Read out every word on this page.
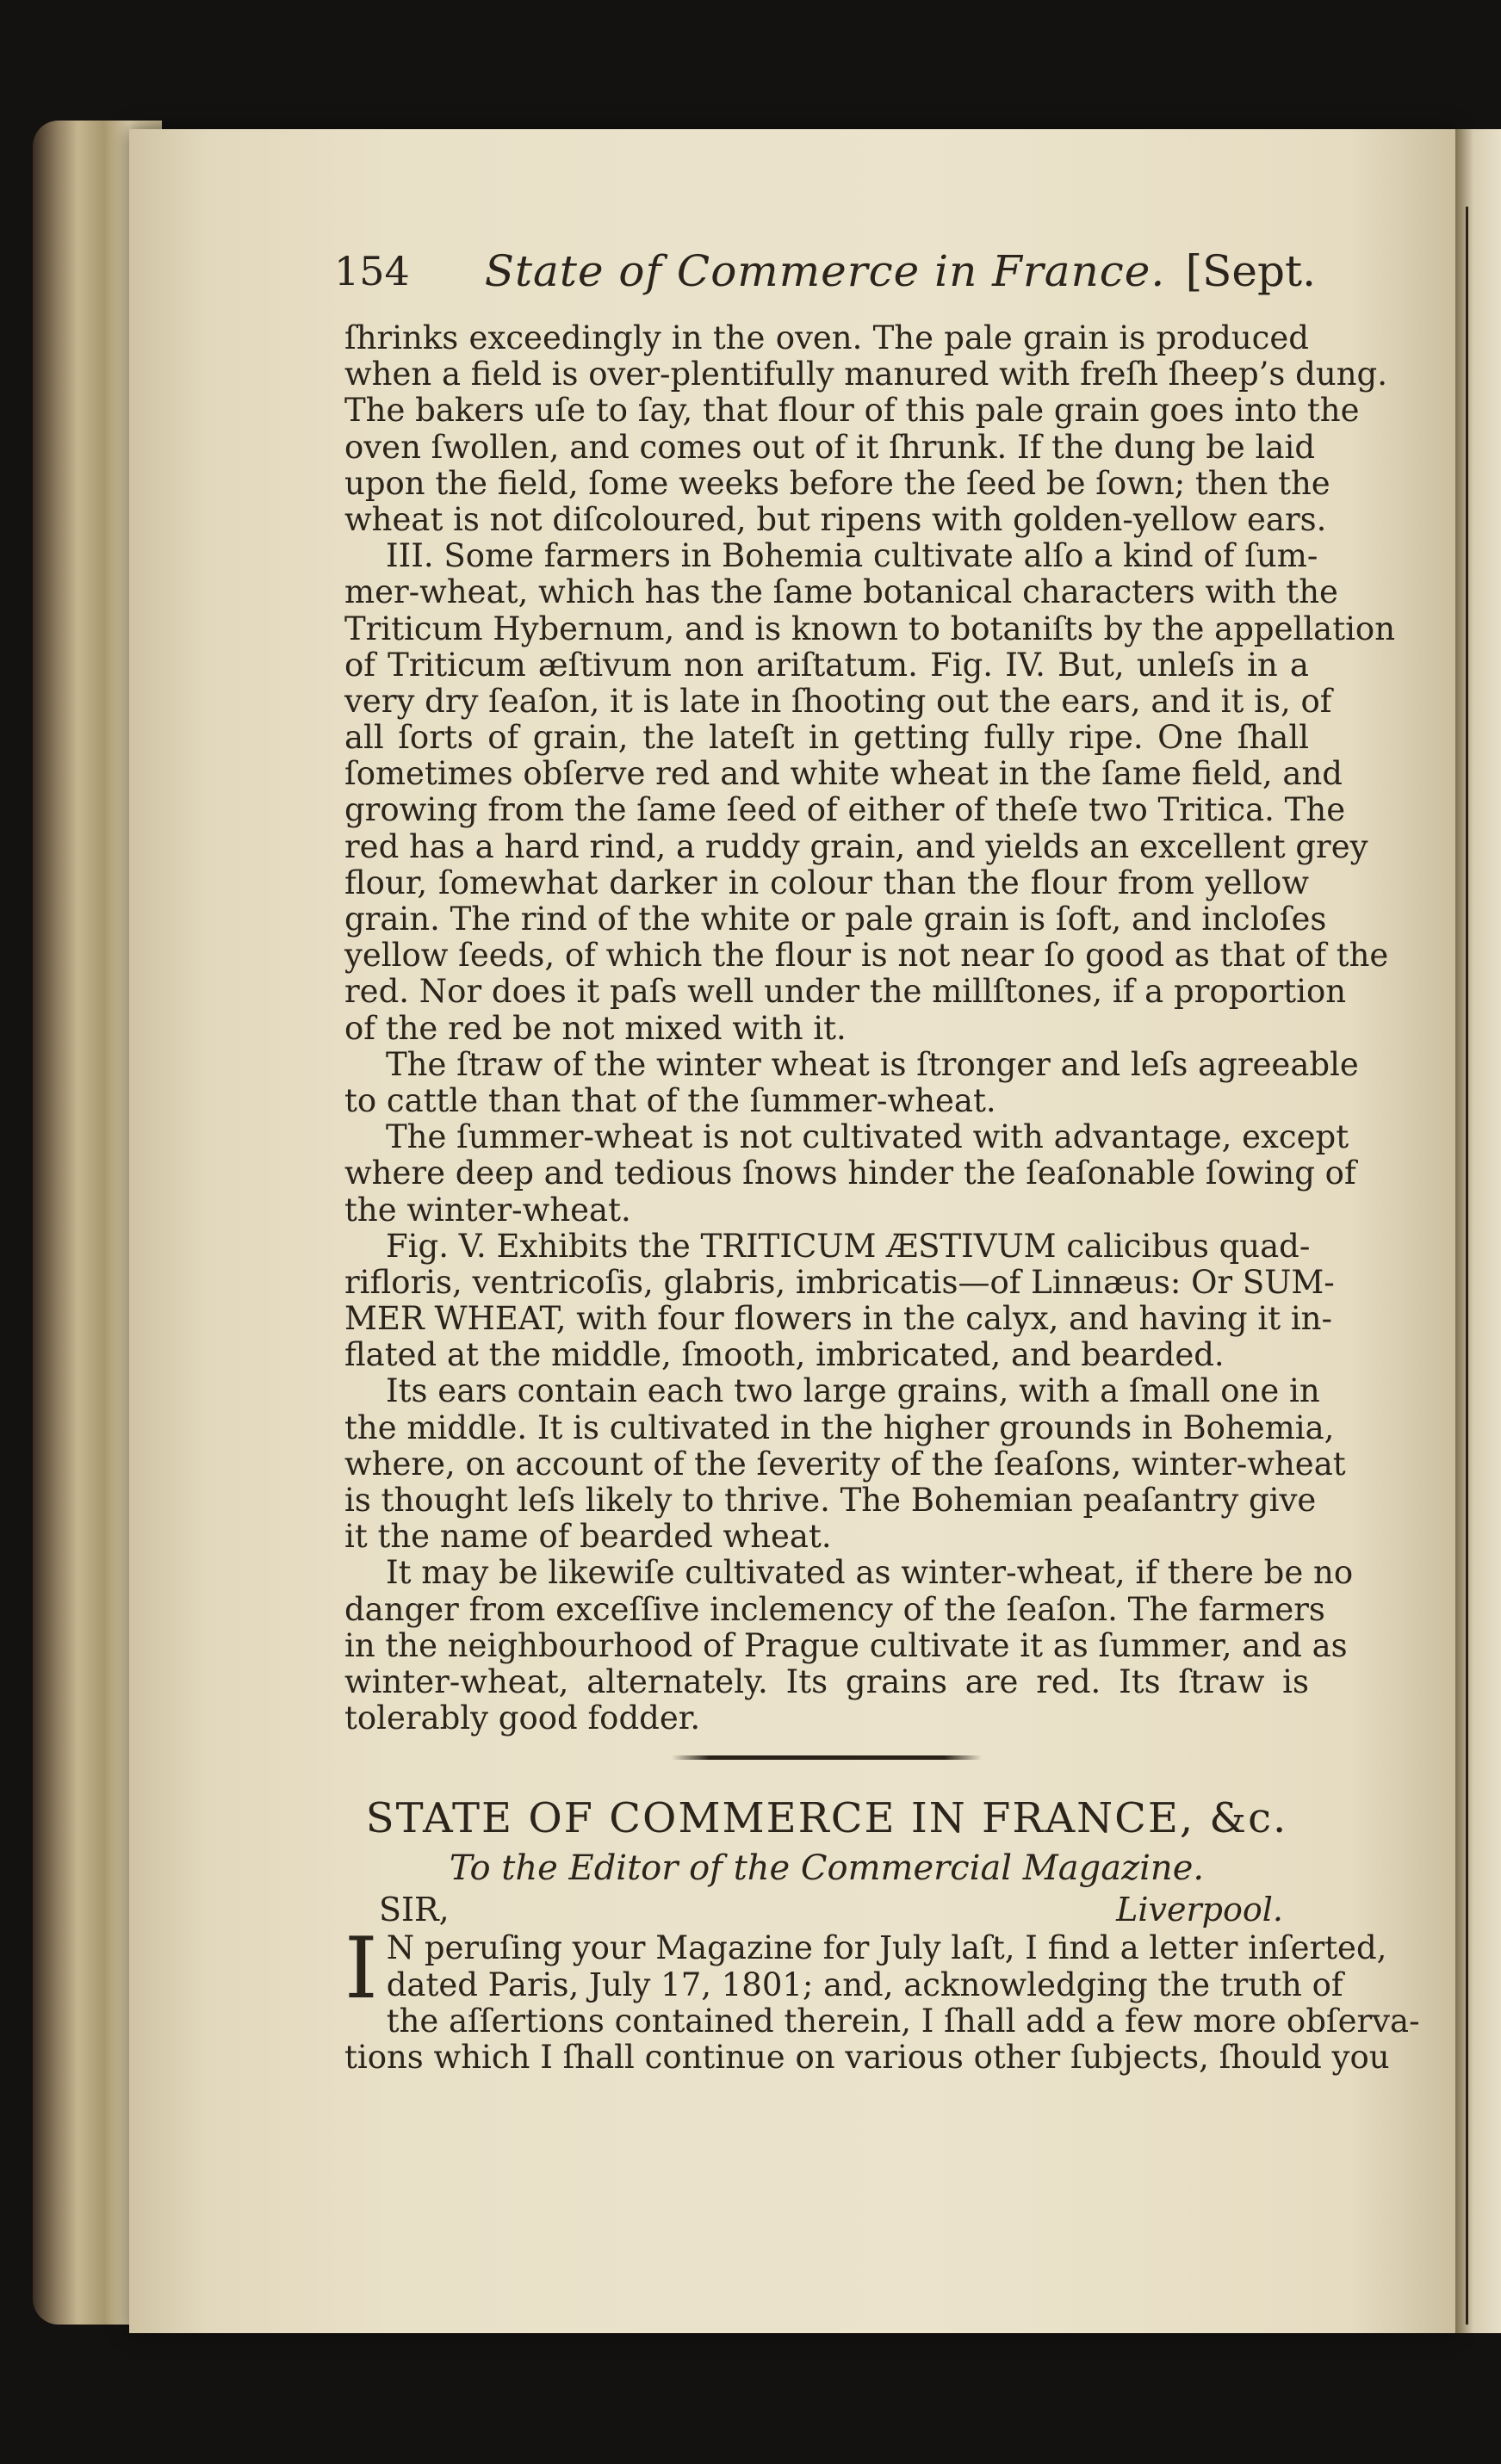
154	State of Commerce in France. [Sept.
ſhrinks exceedingly in the oven. The pale grain is produced
when a field is over-plentifully manured with freſh ſheep’s dung.
The bakers uſe to ſay, that flour of this pale grain goes into the
oven ſwollen, and comes out of it ſhrunk. If the dung be laid
upon the field, ſome weeks before the ſeed be ſown; then the
wheat is not diſcoloured, but ripens with golden-yellow ears.
III. Some farmers in Bohemia cultivate alſo a kind of ſum-
mer-wheat, which has the ſame botanical characters with the
Triticum Hybernum, and is known to botaniſts by the appellation
of Triticum æſtivum non ariſtatum. Fig. IV. But, unleſs in a
very dry ſeaſon, it is late in ſhooting out the ears, and it is, of
all ſorts of grain, the lateſt in getting fully ripe. One ſhall
ſometimes obſerve red and white wheat in the ſame field, and
growing from the ſame ſeed of either of theſe two Tritica. The
red has a hard rind, a ruddy grain, and yields an excellent grey
flour, ſomewhat darker in colour than the flour from yellow
grain. The rind of the white or pale grain is ſoft, and incloſes
yellow ſeeds, of which the flour is not near ſo good as that of the
red. Nor does it paſs well under the millſtones, if a proportion
of the red be not mixed with it.
The ſtraw of the winter wheat is ſtronger and leſs agreeable
to cattle than that of the ſummer-wheat.
The ſummer-wheat is not cultivated with advantage, except
where deep and tedious ſnows hinder the ſeaſonable ſowing of
the winter-wheat.
Fig. V. Exhibits the TRITICUM ÆSTIVUM calicibus quad-
rifloris, ventricoſis, glabris, imbricatis—of Linnæus: Or SUM-
MER WHEAT, with four flowers in the calyx, and having it in-
flated at the middle, ſmooth, imbricated, and bearded.
Its ears contain each two large grains, with a ſmall one in
the middle. It is cultivated in the higher grounds in Bohemia,
where, on account of the ſeverity of the ſeaſons, winter-wheat
is thought leſs likely to thrive. The Bohemian peaſantry give
it the name of bearded wheat.
It may be likewiſe cultivated as winter-wheat, if there be no
danger from exceſſive inclemency of the ſeaſon. The farmers
in the neighbourhood of Prague cultivate it as ſummer, and as
winter-wheat, alternately. Its grains are red. Its ſtraw is
tolerably good fodder.
STATE OF COMMERCE IN FRANCE, &c.
To the Editor of the Commercial Magazine.
SIR,	Liverpool.
I N peruſing your Magazine for July laſt, I find a letter inſerted,
dated Paris, July 17, 1801; and, acknowledging the truth of
the aſſertions contained therein, I ſhall add a few more obſerva-
tions which I ſhall continue on various other ſubjects, ſhould you
